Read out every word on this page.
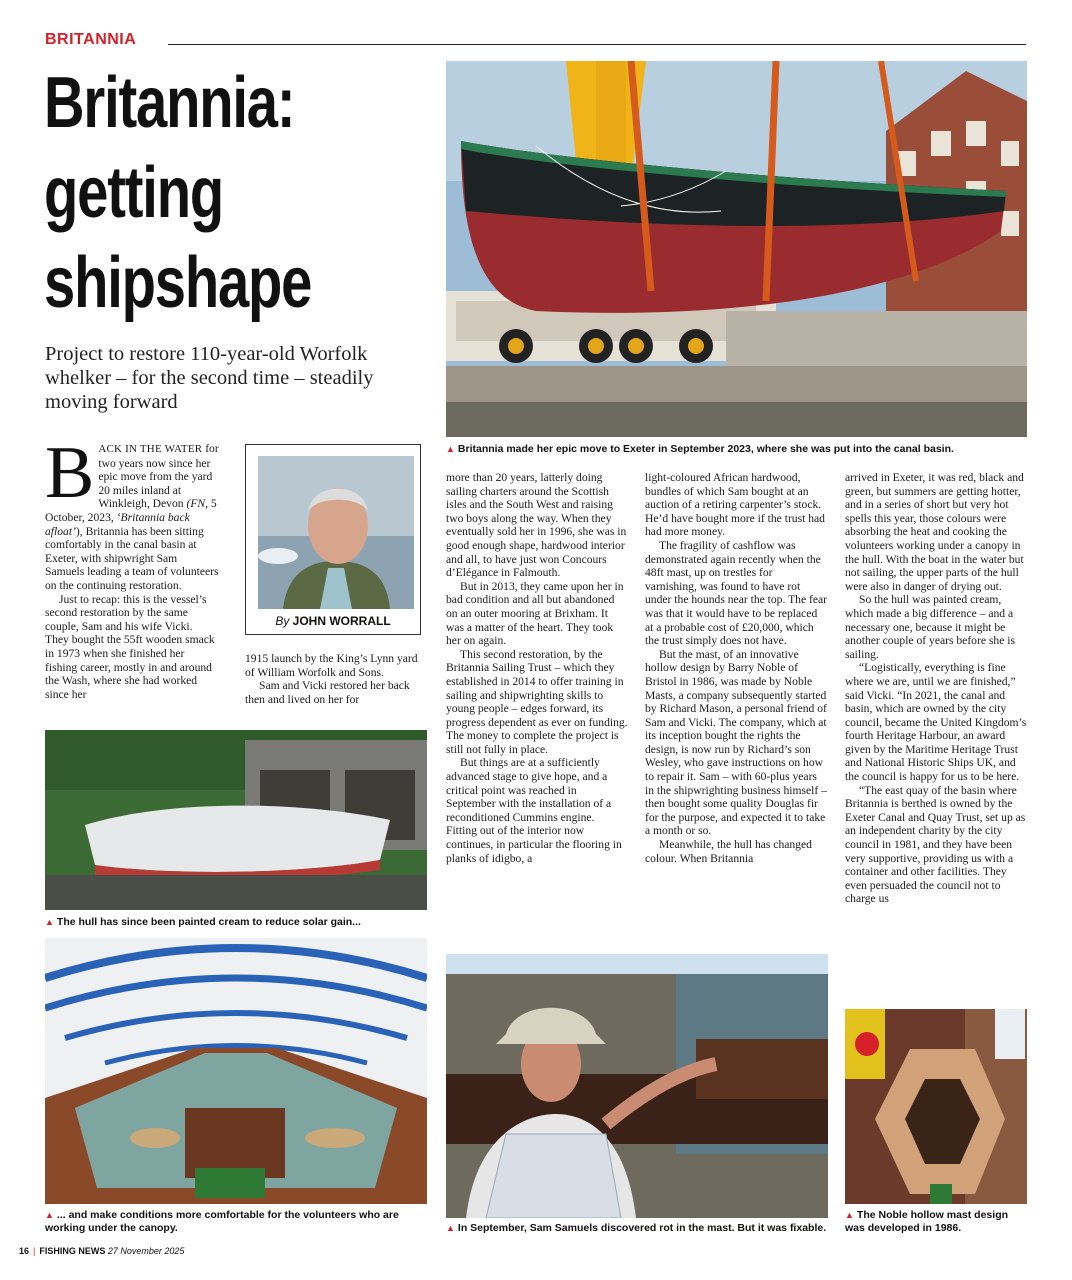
BRITANNIA
Britannia:
getting
shipshape
Project to restore 110-year-old Worfolk whelker – for the second time – steadily moving forward
▲ Britannia made her epic move to Exeter in September 2023, where she was put into the canal basin.

BACK IN THE WATER for two years now since her epic move from the yard 20 miles inland at Winkleigh, Devon (FN, 5 October, 2023, ‘Britannia back afloat’), Britannia has been sitting comfortably in the canal basin at Exeter, with shipwright Sam Samuels leading a team of volunteers on the continuing restoration.

Just to recap: this is the vessel’s second restoration by the same couple, Sam and his wife Vicki. They bought the 55ft wooden smack in 1973 when she finished her fishing career, mostly in and around the Wash, where she had worked since her

By JOHN WORRALL

1915 launch by the King’s Lynn yard of William Worfolk and Sons.

Sam and Vicki restored her back then and lived on her for

▲ The hull has since been painted cream to reduce solar gain...
▲ ... and make conditions more comfortable for the volunteers who are working under the canopy.

more than 20 years, latterly doing sailing charters around the Scottish isles and the South West and raising two boys along the way. When they eventually sold her in 1996, she was in good enough shape, hardwood interior and all, to have just won Concours d’Elégance in Falmouth.

But in 2013, they came upon her in bad condition and all but abandoned on an outer mooring at Brixham. It was a matter of the heart. They took her on again.

This second restoration, by the Britannia Sailing Trust – which they established in 2014 to offer training in sailing and shipwrighting skills to young people – edges forward, its progress dependent as ever on funding. The money to complete the project is still not fully in place.

But things are at a sufficiently advanced stage to give hope, and a critical point was reached in September with the installation of a reconditioned Cummins engine. Fitting out of the interior now continues, in particular the flooring in planks of idigbo, a

light-coloured African hardwood, bundles of which Sam bought at an auction of a retiring carpenter’s stock. He’d have bought more if the trust had had more money.

The fragility of cashflow was demonstrated again recently when the 48ft mast, up on trestles for varnishing, was found to have rot under the hounds near the top. The fear was that it would have to be replaced at a probable cost of £20,000, which the trust simply does not have.

But the mast, of an innovative hollow design by Barry Noble of Bristol in 1986, was made by Noble Masts, a company subsequently started by Richard Mason, a personal friend of Sam and Vicki. The company, which at its inception bought the rights the design, is now run by Richard’s son Wesley, who gave instructions on how to repair it. Sam – with 60-plus years in the shipwrighting business himself – then bought some quality Douglas fir for the purpose, and expected it to take a month or so.

Meanwhile, the hull has changed colour. When Britannia

arrived in Exeter, it was red, black and green, but summers are getting hotter, and in a series of short but very hot spells this year, those colours were absorbing the heat and cooking the volunteers working under a canopy in the hull. With the boat in the water but not sailing, the upper parts of the hull were also in danger of drying out.

So the hull was painted cream, which made a big difference – and a necessary one, because it might be another couple of years before she is sailing.

“Logistically, everything is fine where we are, until we are finished,” said Vicki. “In 2021, the canal and basin, which are owned by the city council, became the United Kingdom’s fourth Heritage Harbour, an award given by the Maritime Heritage Trust and National Historic Ships UK, and the council is happy for us to be here.

“The east quay of the basin where Britannia is berthed is owned by the Exeter Canal and Quay Trust, set up as an independent charity by the city council in 1981, and they have been very supportive, providing us with a container and other facilities. They even persuaded the council not to charge us

▲ In September, Sam Samuels discovered rot in the mast. But it was fixable.
▲ The Noble hollow mast design was developed in 1986.
16 | FISHING NEWS 27 November 2025
